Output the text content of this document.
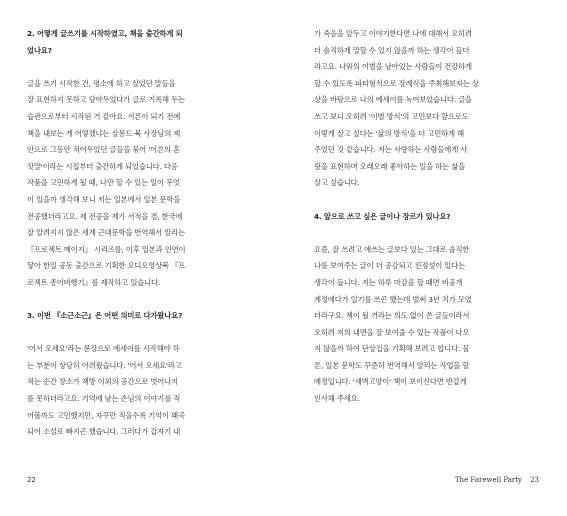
2. 어떻게 글쓰기를 시작하였고, 책을 출간하게 되
었나요?
글을 쓰기 시작한 건, 평소에 하고 싶었던 말들을
잘 표현하지 못하고 담아두었다가 글로 기록해 두는
습관으로부터 시작된 거 같아요. 서른이 되기 전에
책을 내보는 게 어떻겠냐는 살롱드 북 사장님의 제
안으로 그동안 적어두었던 글들을 묶어 '어른의 혼
잣말'이라는 시집부터 출간하게 되었습니다. 다음
작품을 고민하게 될 때, 나만 할 수 있는 일이 무엇
이 있을까 생각해 보니 저는 일본에서 일본 문학을
전공했더라고요. 제 전공을 제가 서적을 겸, 한국에
잘 알려지지 않은 세계 근대문학을 번역해서 알리는
『프로젝트 메이지』 시리즈를, 이후 일본과 인연이
닿아 한일 공동 출간으로 기획한 오디오영상북 『프
로젝트 종이비행기』를 제작하고 있습니다.
3. 이번 『소근소근』은 어떤 의미로 다가왔나요?
'어서 오세요'라는 문장으로 에세이를 시작해야 하
는 부분이 상당히 어려웠습니다. '어서 오세요'라고
적는 순간 장소가 책방 이외의 공간으로 벗어나지
를 못하더라고요. 기억에 남는 손님의 이야기를 적
어볼까도 고민했지만, 자꾸만 적을수록 기억이 왜곡
되어 소설로 빠지곤 했습니다. 그러다가 갑자기 내
22
가 죽음을 앞두고 이야기한다면 나에 대해서 오히려
더 솔직하게 말할 수 있지 않을까 하는 생각이 들더
라고요. 나와의 이별을 남아있는 사람들이 건강하게
할 수 있도록 파티형식으로 장례식을 주최해보자는 상
상을 바탕으로 나의 에세이를 녹여보았습니다. 글을
쓰고 보니 오히려 '이별 방식'의 고민보다 앞으로도
이렇게 살고 싶다는 '삶의 방식'을 더 고민하게 해
주었던 것 같습니다. 저는 사랑하는 사람들에게 사
랑을 표현하며 오래오래 좋아하는 일을 하는 삶을
살고 싶습니다.
4. 앞으로 쓰고 싶은 글이나 장르가 있나요?
요즘, 잘 쓰려고 애쓰는 글보다 있는 그대로 솔직한
나를 보여주는 글이 더 공감되고 진정성이 있다는
생각이 듭니다. 저는 하루 마감을 할 때면 비공개
계정에다가 일기를 쓰곤 했는데 벌써 3년 치가 모였
더라구요. 책이 될 거라는 의도 없이 쓴 글들이라서
오히려 저의 내면을 잘 보여줄 수 있는 작품이 나오
지 않을까 하여 단상집을 기획해 보려고 합니다. 물
론, 일본 문학도 꾸준히 번역해서 알리는 작업을 할
예정입니다. '새벽고양이' 책이 보이신다면 반갑게
인사해 주세요.
The Farewell Party 23
